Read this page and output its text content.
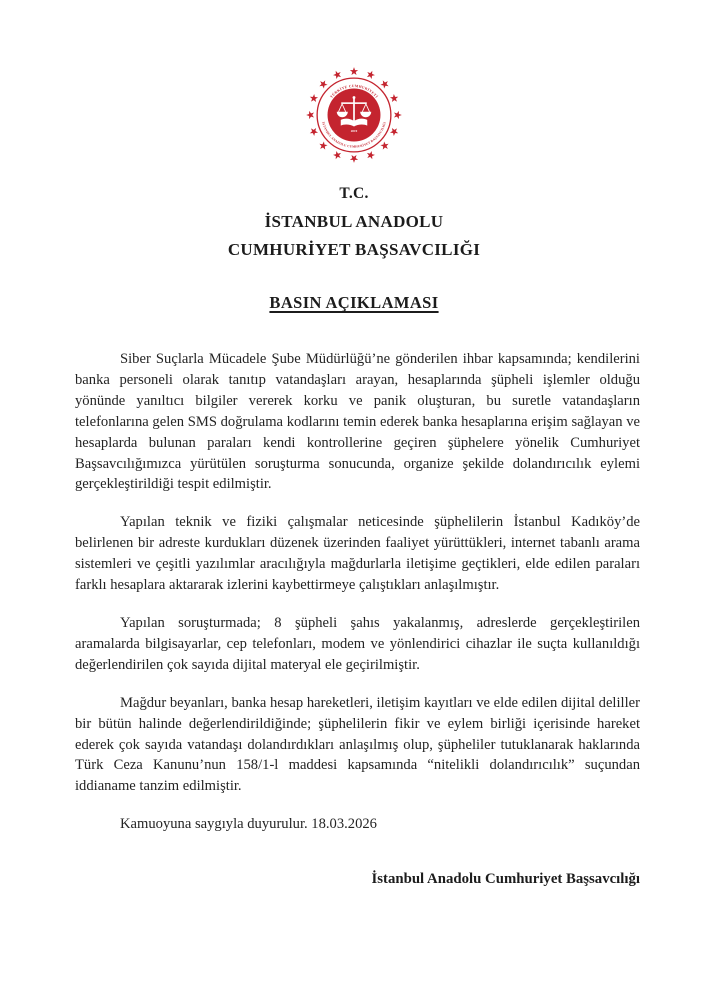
TÜRKİYE CUMHURİYETİ
İSTANBUL ANADOLU CUMHURİYET BAŞSAVCILIĞI
2019
T.C.
İSTANBUL ANADOLU
CUMHURİYET BAŞSAVCILIĞI
BASIN AÇIKLAMASI

Siber Suçlarla Mücadele Şube Müdürlüğü’ne gönderilen ihbar kapsamında; kendilerini banka personeli olarak tanıtıp vatandaşları arayan, hesaplarında şüpheli işlemler olduğu yönünde yanıltıcı bilgiler vererek korku ve panik oluşturan, bu suretle vatandaşların telefonlarına gelen SMS doğrulama kodlarını temin ederek banka hesaplarına erişim sağlayan ve hesaplarda bulunan paraları kendi kontrollerine geçiren şüphelere yönelik Cumhuriyet Başsavcılığımızca yürütülen soruşturma sonucunda, organize şekilde dolandırıcılık eylemi gerçekleştirildiği tespit edilmiştir.

Yapılan teknik ve fiziki çalışmalar neticesinde şüphelilerin İstanbul Kadıköy’de belirlenen bir adreste kurdukları düzenek üzerinden faaliyet yürüttükleri, internet tabanlı arama sistemleri ve çeşitli yazılımlar aracılığıyla mağdurlarla iletişime geçtikleri, elde edilen paraları farklı hesaplara aktararak izlerini kaybettirmeye çalıştıkları anlaşılmıştır.

Yapılan soruşturmada; 8 şüpheli şahıs yakalanmış, adreslerde gerçekleştirilen aramalarda bilgisayarlar, cep telefonları, modem ve yönlendirici cihazlar ile suçta kullanıldığı değerlendirilen çok sayıda dijital materyal ele geçirilmiştir.

Mağdur beyanları, banka hesap hareketleri, iletişim kayıtları ve elde edilen dijital deliller bir bütün halinde değerlendirildiğinde; şüphelilerin fikir ve eylem birliği içerisinde hareket ederek çok sayıda vatandaşı dolandırdıkları anlaşılmış olup, şüpheliler tutuklanarak haklarında Türk Ceza Kanunu’nun 158/1-l maddesi kapsamında “nitelikli dolandırıcılık” suçundan iddianame tanzim edilmiştir.

Kamuoyuna saygıyla duyurulur. 18.03.2026

İstanbul Anadolu Cumhuriyet Başsavcılığı
